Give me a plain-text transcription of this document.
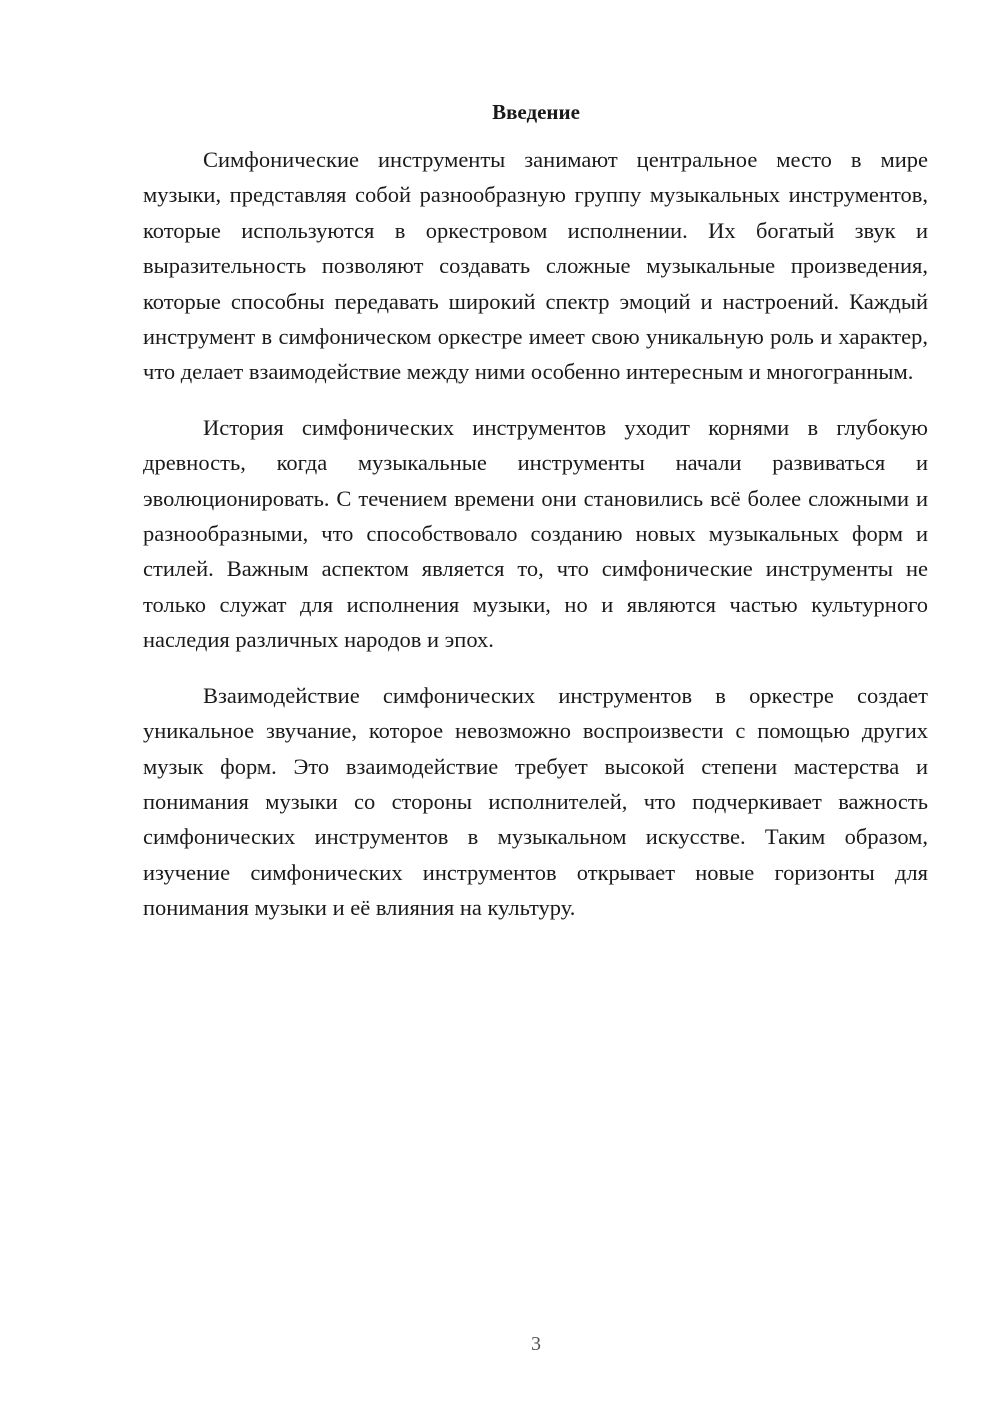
Введение

Симфонические инструменты занимают центральное место в мире музыки, представляя собой разнообразную группу музыкальных инструментов, которые используются в оркестровом исполнении. Их богатый звук и выразительность позволяют создавать сложные музыкальные произведения, которые способны передавать широкий спектр эмоций и настроений. Каждый инструмент в симфоническом оркестре имеет свою уникальную роль и характер, что делает взаимодействие между ними особенно интересным и многогранным.

История симфонических инструментов уходит корнями в глубокую древность, когда музыкальные инструменты начали развиваться и эволюционировать. С течением времени они становились всё более сложными и разнообразными, что способствовало созданию новых музыкальных форм и стилей. Важным аспектом является то, что симфонические инструменты не только служат для исполнения музыки, но и являются частью культурного наследия различных народов и эпох.

Взаимодействие симфонических инструментов в оркестре создает уникальное звучание, которое невозможно воспроизвести с помощью других музык форм. Это взаимодействие требует высокой степени мастерства и понимания музыки со стороны исполнителей, что подчеркивает важность симфонических инструментов в музыкальном искусстве. Таким образом, изучение симфонических инструментов открывает новые горизонты для понимания музыки и её влияния на культуру.

3
